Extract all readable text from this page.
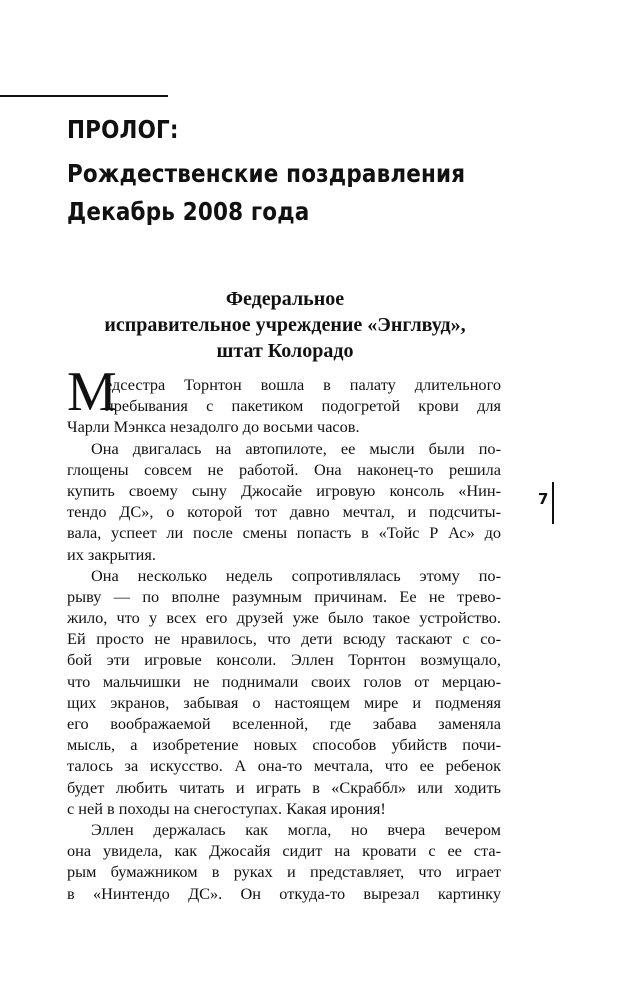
ПРОЛОГ:
Рождественские поздравления
Декабрь 2008 года
Федеральное
исправительное учреждение «Энглвуд»,
штат Колорадо
М
едсестра Торнтон вошла в палату длительного
пребывания с пакетиком подогретой крови для
Чарли Мэнкса незадолго до восьми часов.
Она двигалась на автопилоте, ее мысли были по-
глощены совсем не работой. Она наконец-то решила
купить своему сыну Джосайе игровую консоль «Нин-
тендо ДС», о которой тот давно мечтал, и подсчиты-
вала, успеет ли после смены попасть в «Тойс Р Ас» до
их закрытия.
Она несколько недель сопротивлялась этому по-
рыву — по вполне разумным причинам. Ее не трево-
жило, что у всех его друзей уже было такое устройство.
Ей просто не нравилось, что дети всюду таскают с со-
бой эти игровые консоли. Эллен Торнтон возмущало,
что мальчишки не поднимали своих голов от мерцаю-
щих экранов, забывая о настоящем мире и подменяя
его воображаемой вселенной, где забава заменяла
мысль, а изобретение новых способов убийств почи-
талось за искусство. А она-то мечтала, что ее ребенок
будет любить читать и играть в «Скраббл» или ходить
с ней в походы на снегоступах. Какая ирония!
Эллен держалась как могла, но вчера вечером
она увидела, как Джосайя сидит на кровати с ее ста-
рым бумажником в руках и представляет, что играет
в «Нинтендо ДС». Он откуда-то вырезал картинку
7
